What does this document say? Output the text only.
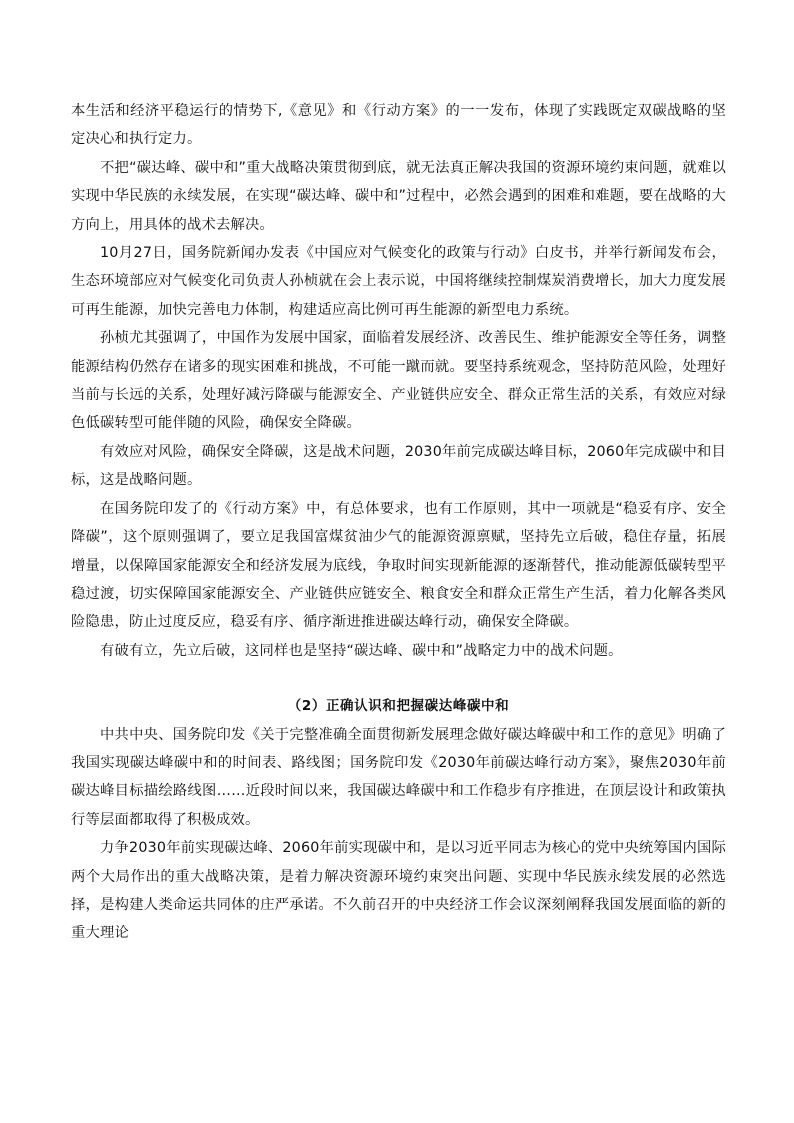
本生活和经济平稳运行的情势下,《意见》和《行动方案》的一一发布，体现了实践既定双碳战略的坚定决心和执行定力。

不把“碳达峰、碳中和”重大战略决策贯彻到底，就无法真正解决我国的资源环境约束问题，就难以实现中华民族的永续发展，在实现“碳达峰、碳中和”过程中，必然会遇到的困难和难题，要在战略的大方向上，用具体的战术去解决。

10月27日，国务院新闻办发表《中国应对气候变化的政策与行动》白皮书，并举行新闻发布会，生态环境部应对气候变化司负责人孙桢就在会上表示说，中国将继续控制煤炭消费增长，加大力度发展可再生能源，加快完善电力体制，构建适应高比例可再生能源的新型电力系统。

孙桢尤其强调了，中国作为发展中国家，面临着发展经济、改善民生、维护能源安全等任务，调整能源结构仍然存在诸多的现实困难和挑战，不可能一蹴而就。要坚持系统观念，坚持防范风险，处理好当前与长远的关系，处理好减污降碳与能源安全、产业链供应安全、群众正常生活的关系，有效应对绿色低碳转型可能伴随的风险，确保安全降碳。

有效应对风险，确保安全降碳，这是战术问题，2030年前完成碳达峰目标，2060年完成碳中和目标，这是战略问题。

在国务院印发了的《行动方案》中，有总体要求，也有工作原则，其中一项就是“稳妥有序、安全降碳”，这个原则强调了，要立足我国富煤贫油少气的能源资源禀赋，坚持先立后破，稳住存量，拓展增量，以保障国家能源安全和经济发展为底线，争取时间实现新能源的逐渐替代，推动能源低碳转型平稳过渡，切实保障国家能源安全、产业链供应链安全、粮食安全和群众正常生产生活，着力化解各类风险隐患，防止过度反应，稳妥有序、循序渐进推进碳达峰行动，确保安全降碳。

有破有立，先立后破，这同样也是坚持“碳达峰、碳中和”战略定力中的战术问题。

（2）正确认识和把握碳达峰碳中和

中共中央、国务院印发《关于完整准确全面贯彻新发展理念做好碳达峰碳中和工作的意见》明确了我国实现碳达峰碳中和的时间表、路线图；国务院印发《2030年前碳达峰行动方案》，聚焦2030年前碳达峰目标描绘路线图……近段时间以来，我国碳达峰碳中和工作稳步有序推进，在顶层设计和政策执行等层面都取得了积极成效。

力争2030年前实现碳达峰、2060年前实现碳中和，是以习近平同志为核心的党中央统筹国内国际两个大局作出的重大战略决策，是着力解决资源环境约束突出问题、实现中华民族永续发展的必然选择，是构建人类命运共同体的庄严承诺。不久前召开的中央经济工作会议深刻阐释我国发展面临的新的重大理论
